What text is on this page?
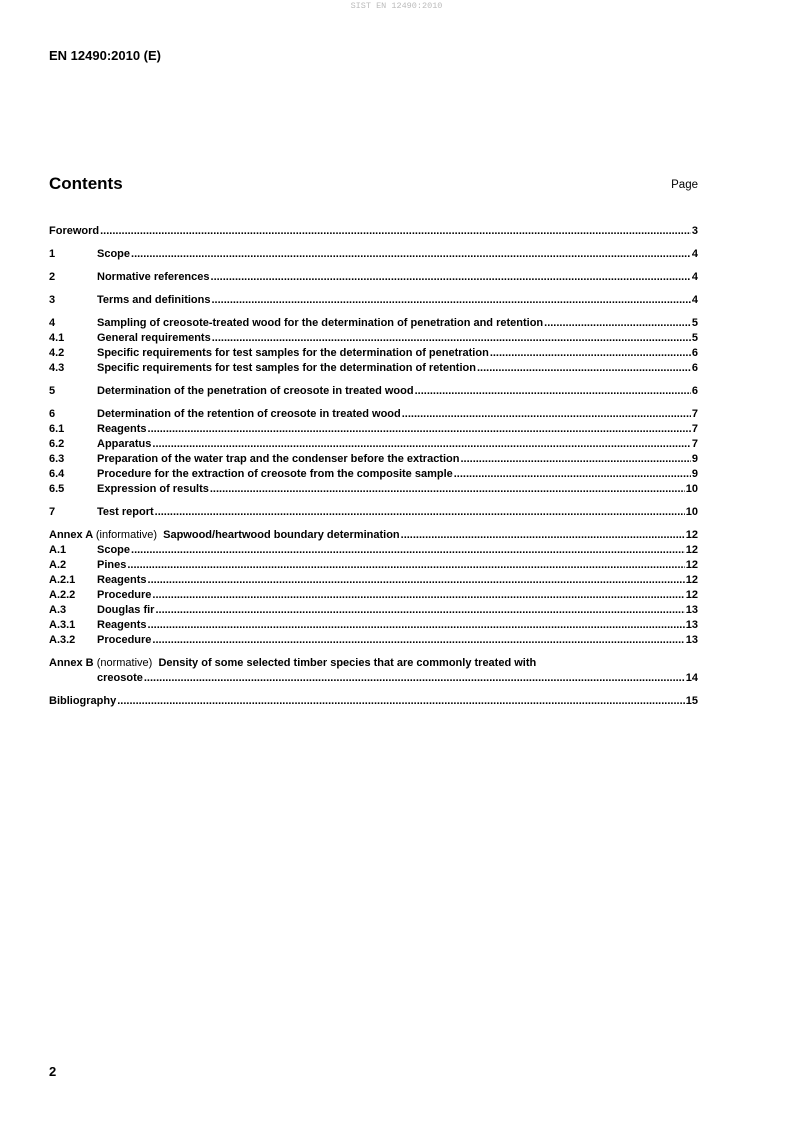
SIST EN 12490:2010
EN 12490:2010 (E)
Contents	Page
Foreword .....	3
1	Scope .....	4
2	Normative references .....	4
3	Terms and definitions .....	4
4	Sampling of creosote-treated wood for the determination of penetration and retention .....	5
4.1	General requirements .....	5
4.2	Specific requirements for test samples for the determination of penetration .....	6
4.3	Specific requirements for test samples for the determination of retention .....	6
5	Determination of the penetration of creosote in treated wood .....	6
6	Determination of the retention of creosote in treated wood .....	7
6.1	Reagents .....	7
6.2	Apparatus .....	7
6.3	Preparation of the water trap and the condenser before the extraction .....	9
6.4	Procedure for the extraction of creosote from the composite sample .....	9
6.5	Expression of results .....	10
7	Test report .....	10
Annex A (informative) Sapwood/heartwood boundary determination .....	12
A.1	Scope .....	12
A.2	Pines .....	12
A.2.1	Reagents .....	12
A.2.2	Procedure .....	12
A.3	Douglas fir .....	13
A.3.1	Reagents .....	13
A.3.2	Procedure .....	13
Annex B (normative) Density of some selected timber species that are commonly treated with
creosote .....	14
Bibliography .....	15
2
